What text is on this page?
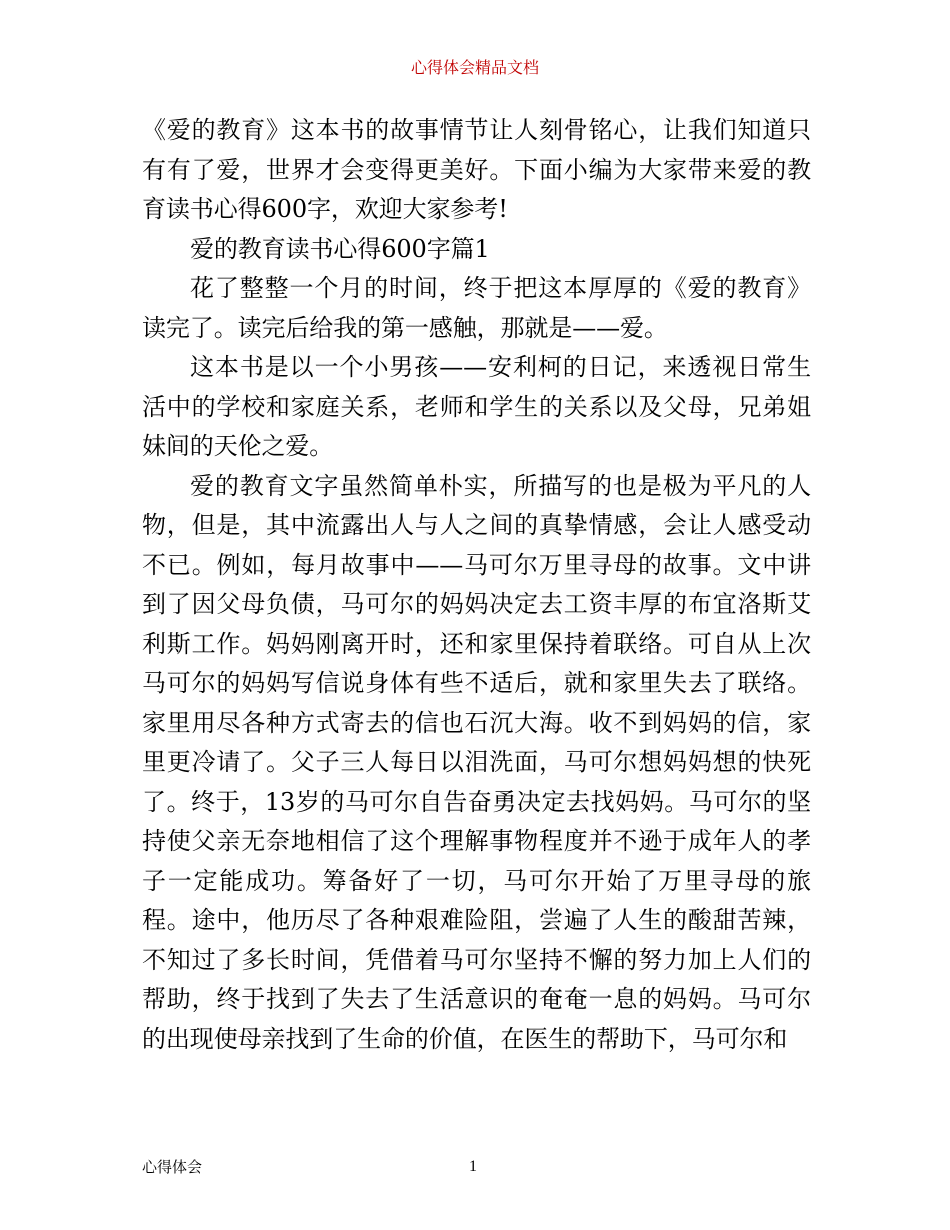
心得体会精品文档

《爱的教育》这本书的故事情节让人刻骨铭心，让我们知道只有有了爱，世界才会变得更美好。下面小编为大家带来爱的教育读书心得600字，欢迎大家参考!

爱的教育读书心得600字篇1

花了整整一个月的时间，终于把这本厚厚的《爱的教育》读完了。读完后给我的第一感触，那就是——爱。

这本书是以一个小男孩——安利柯的日记，来透视日常生活中的学校和家庭关系，老师和学生的关系以及父母，兄弟姐妹间的天伦之爱。

爱的教育文字虽然简单朴实，所描写的也是极为平凡的人物，但是，其中流露出人与人之间的真挚情感，会让人感受动不已。例如，每月故事中——马可尔万里寻母的故事。文中讲到了因父母负债，马可尔的妈妈决定去工资丰厚的布宜洛斯艾利斯工作。妈妈刚离开时，还和家里保持着联络。可自从上次马可尔的妈妈写信说身体有些不适后，就和家里失去了联络。家里用尽各种方式寄去的信也石沉大海。收不到妈妈的信，家里更冷请了。父子三人每日以泪洗面，马可尔想妈妈想的快死了。终于，13岁的马可尔自告奋勇决定去找妈妈。马可尔的坚持使父亲无奈地相信了这个理解事物程度并不逊于成年人的孝子一定能成功。筹备好了一切，马可尔开始了万里寻母的旅程。途中，他历尽了各种艰难险阻，尝遍了人生的酸甜苦辣，不知过了多长时间，凭借着马可尔坚持不懈的努力加上人们的帮助，终于找到了失去了生活意识的奄奄一息的妈妈。马可尔的出现使母亲找到了生命的价值，在医生的帮助下，马可尔和

心得体会	1
